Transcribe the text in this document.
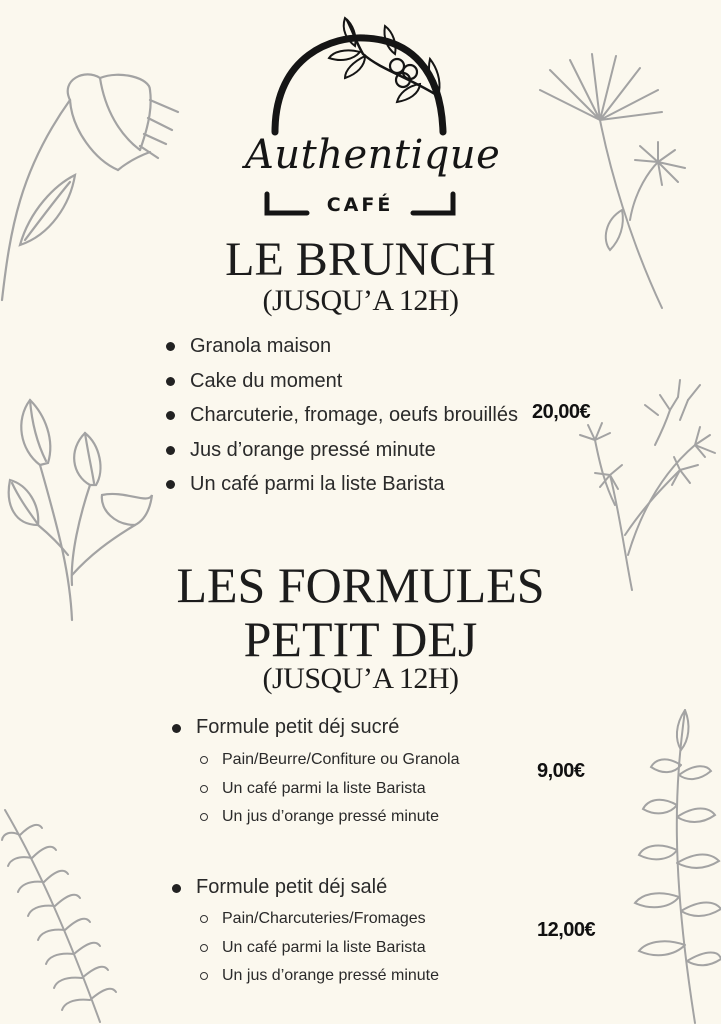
Authentique
CAFÉ
LE BRUNCH
(JUSQU’A 12H)
Granola maison
Cake du moment
Charcuterie, fromage, oeufs brouillés
Jus d’orange pressé minute
Un café parmi la liste Barista
20,00€
LES FORMULES
PETIT DEJ
(JUSQU’A 12H)
Formule petit déj sucré
Pain/Beurre/Confiture ou Granola
Un café parmi la liste Barista
Un jus d’orange pressé minute
9,00€
Formule petit déj salé
Pain/Charcuteries/Fromages
Un café parmi la liste Barista
Un jus d’orange pressé minute
12,00€
